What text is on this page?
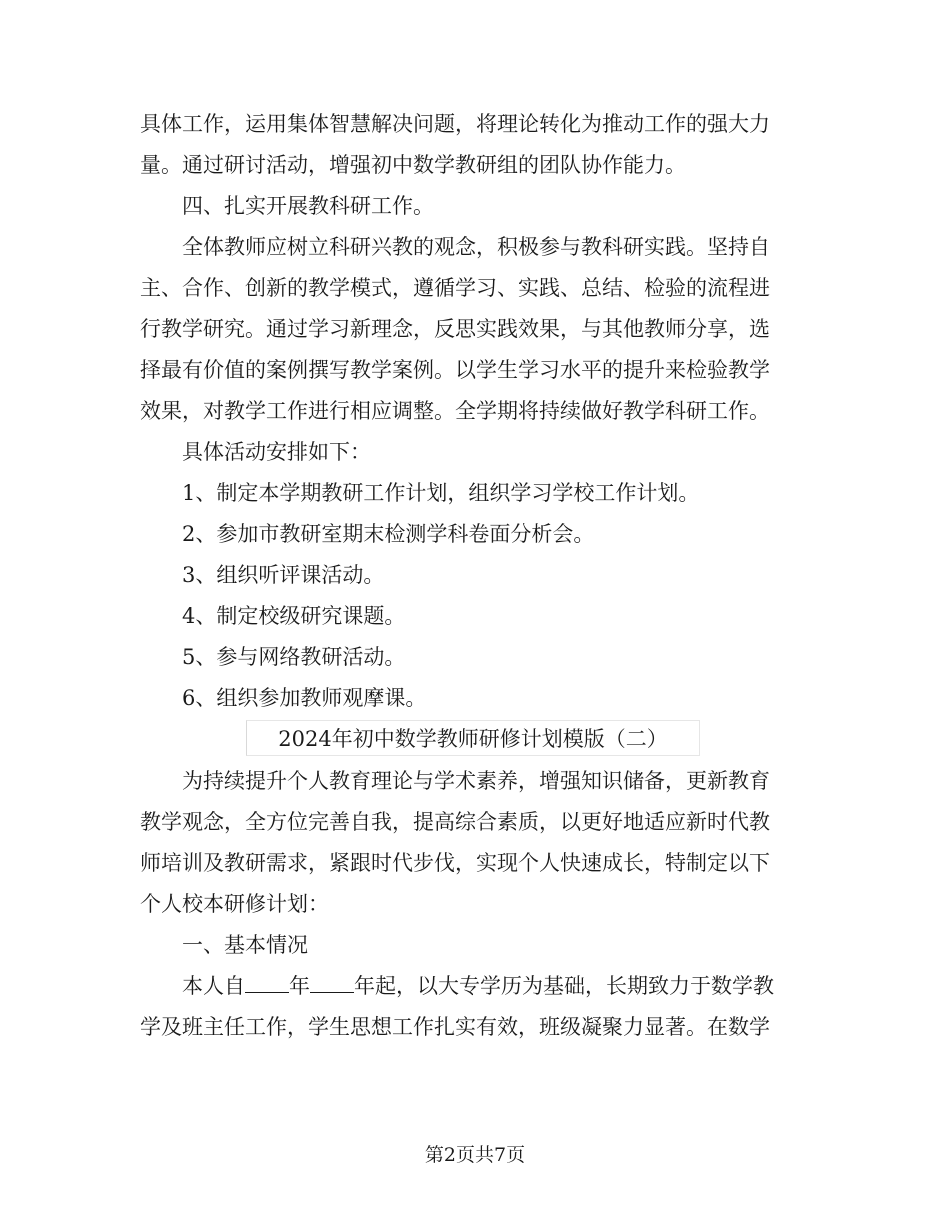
具体工作，运用集体智慧解决问题，将理论转化为推动工作的强大力
量。通过研讨活动，增强初中数学教研组的团队协作能力。
四、扎实开展教科研工作。
全体教师应树立科研兴教的观念，积极参与教科研实践。坚持自
主、合作、创新的教学模式，遵循学习、实践、总结、检验的流程进
行教学研究。通过学习新理念，反思实践效果，与其他教师分享，选
择最有价值的案例撰写教学案例。以学生学习水平的提升来检验教学
效果，对教学工作进行相应调整。全学期将持续做好教学科研工作。
具体活动安排如下：
1、制定本学期教研工作计划，组织学习学校工作计划。
2、参加市教研室期末检测学科卷面分析会。
3、组织听评课活动。
4、制定校级研究课题。
5、参与网络教研活动。
6、组织参加教师观摩课。
2024年初中数学教师研修计划模版（二）
为持续提升个人教育理论与学术素养，增强知识储备，更新教育
教学观念，全方位完善自我，提高综合素质，以更好地适应新时代教
师培训及教研需求，紧跟时代步伐，实现个人快速成长，特制定以下
个人校本研修计划：
一、基本情况
本人自 年 年起，以大专学历为基础，长期致力于数学教
学及班主任工作，学生思想工作扎实有效，班级凝聚力显著。在数学
第2页共7页
